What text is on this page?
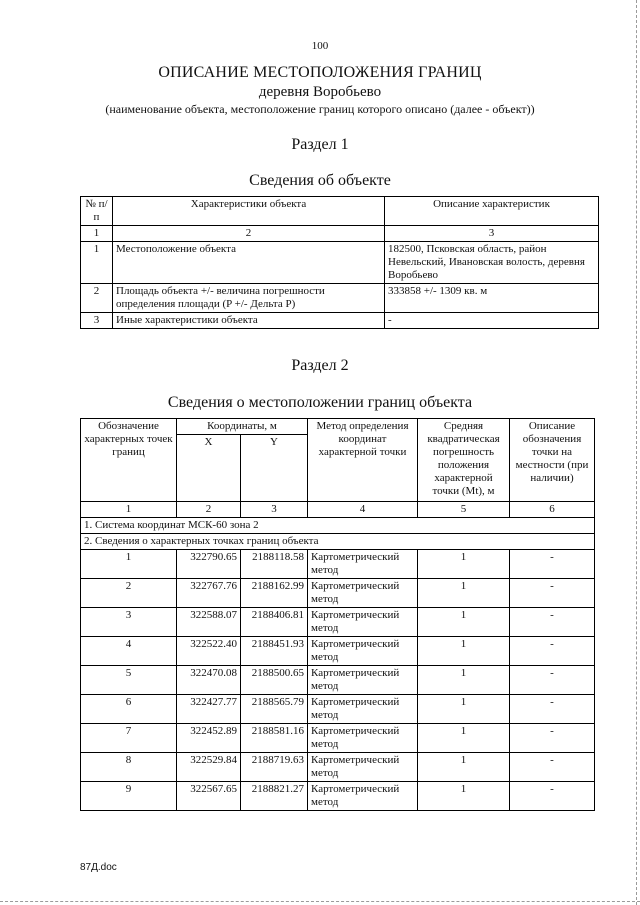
100
ОПИСАНИЕ МЕСТОПОЛОЖЕНИЯ ГРАНИЦ
деревня Воробьево
(наименование объекта, местоположение границ которого описано (далее - объект))
Раздел 1
Сведения об объекте
№ п/п	Характеристики объекта	Описание характеристик
1	2	3
1	Местоположение объекта	182500, Псковская область, район Невельский, Ивановская волость, деревня Воробьево
2	Площадь объекта +/- величина погрешности определения площади (P +/- Дельта P)	333858 +/- 1309 кв. м
3	Иные характеристики объекта	-
Раздел 2
Сведения о местоположении границ объекта
Обозначение характерных точек границ	Координаты, м		Метод определения координат характерной точки	Средняя квадратическая погрешность положения характерной точки (Mt), м	Описание обозначения точки на местности (при наличии)
	X	Y			
1	2	3	4	5	6
1. Система координат МСК-60 зона 2					
2. Сведения о характерных точках границ объекта					
1	322790.65	2188118.58	Картометрический метод	1	-
2	322767.76	2188162.99	Картометрический метод	1	-
3	322588.07	2188406.81	Картометрический метод	1	-
4	322522.40	2188451.93	Картометрический метод	1	-
5	322470.08	2188500.65	Картометрический метод	1	-
6	322427.77	2188565.79	Картометрический метод	1	-
7	322452.89	2188581.16	Картометрический метод	1	-
8	322529.84	2188719.63	Картометрический метод	1	-
9	322567.65	2188821.27	Картометрический метод	1	-
87Д.doc
